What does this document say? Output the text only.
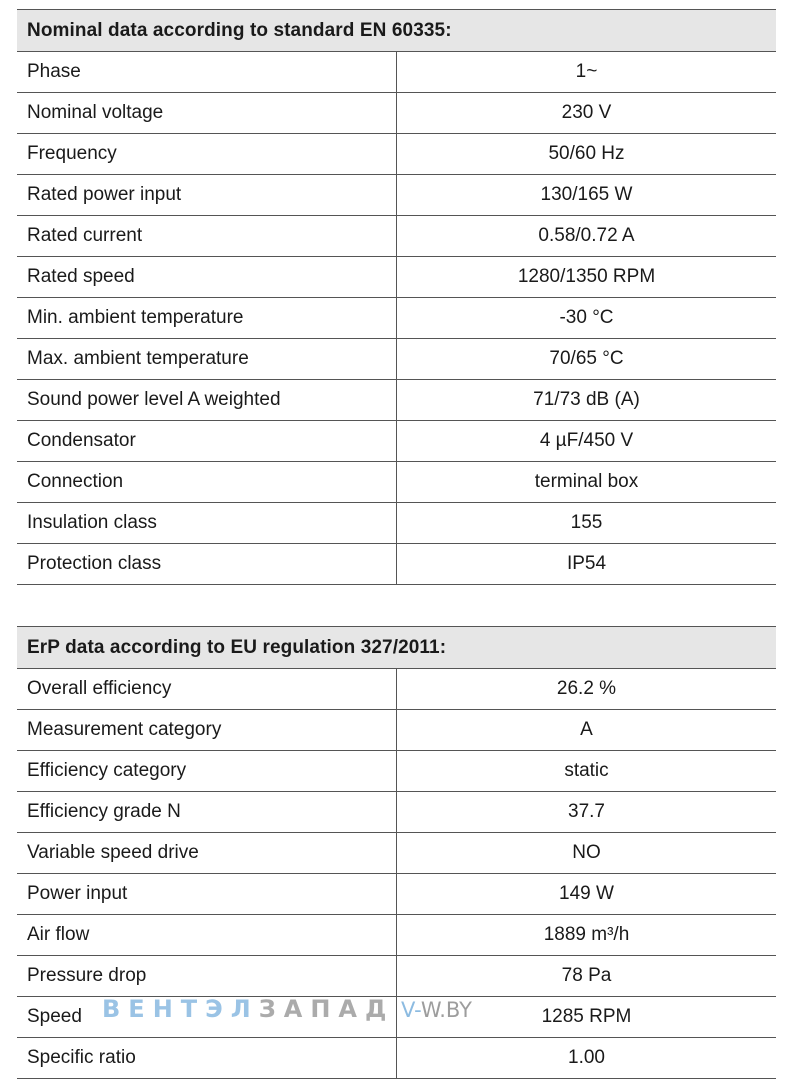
Nominal data according to standard EN 60335:	
Phase	1~
Nominal voltage	230 V
Frequency	50/60 Hz
Rated power input	130/165 W
Rated current	0.58/0.72 A
Rated speed	1280/1350 RPM
Min. ambient temperature	-30 °C
Max. ambient temperature	70/65 °C
Sound power level A weighted	71/73 dB (A)
Condensator	4 µF/450 V
Connection	terminal box
Insulation class	155
Protection class	IP54
ErP data according to EU regulation 327/2011:	
Overall efficiency	26.2 %
Measurement category	A
Efficiency category	static
Efficiency grade N	37.7
Variable speed drive	NO
Power input	149 W
Air flow	1889 m³/h
Pressure drop	78 Pa
Speed	1285 RPM
Specific ratio	1.00
ВЕНТЭЛЗАПАД V-W.BY
